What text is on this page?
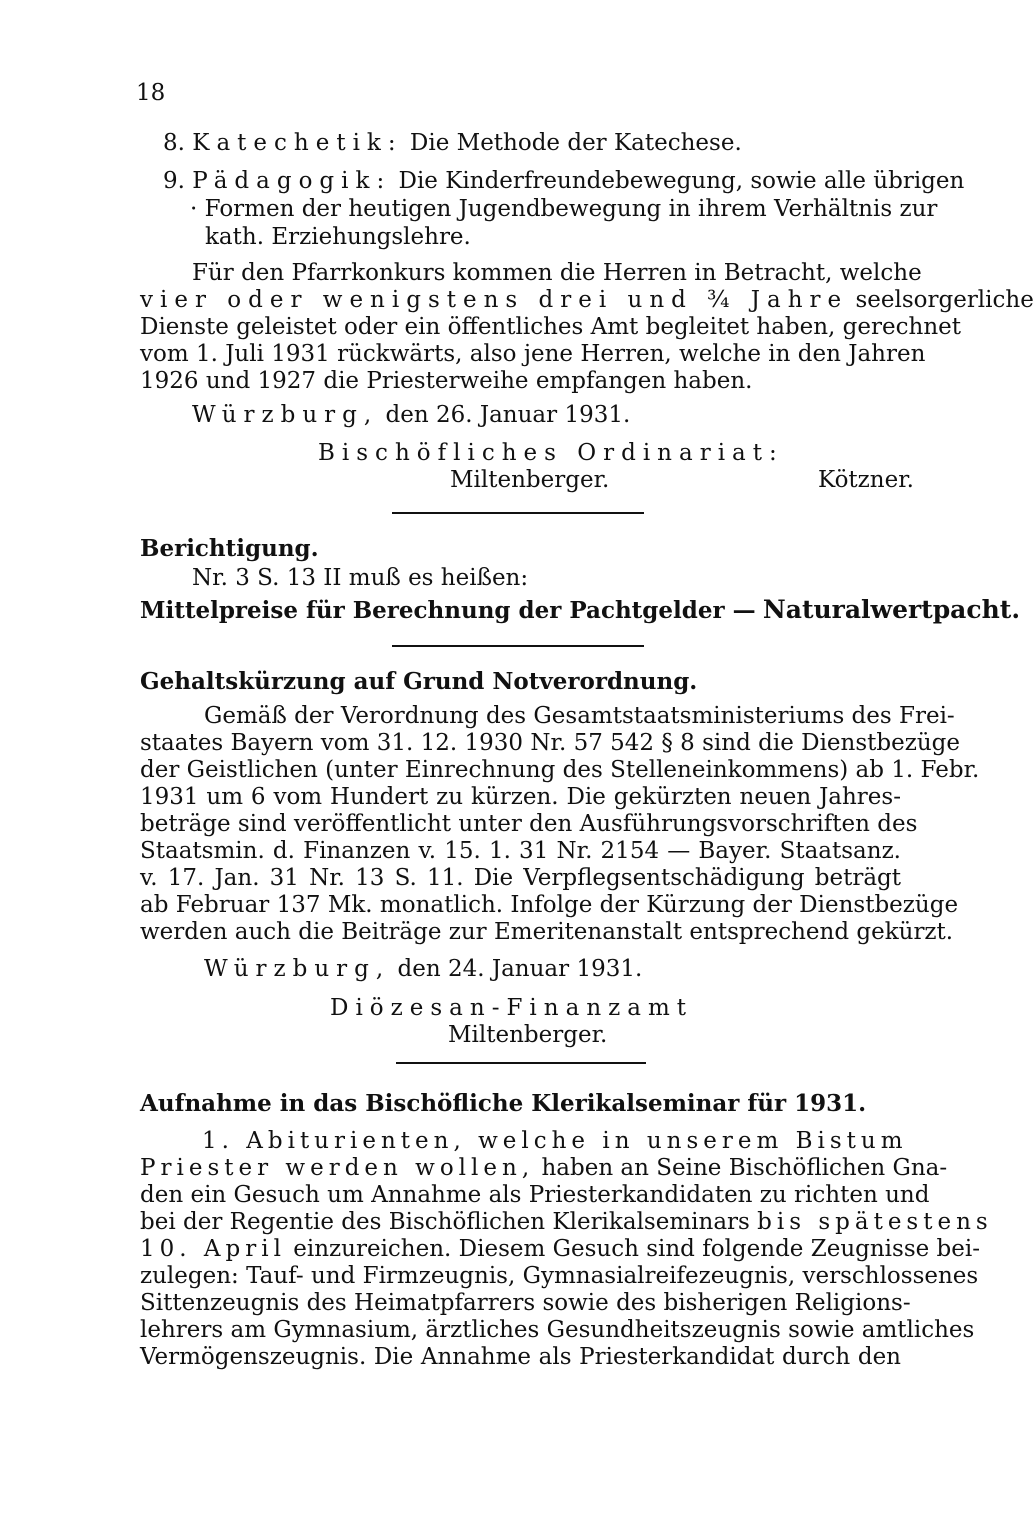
18

8. Katechetik: Die Methode der Katechese.

9. Pädagogik: Die Kinderfreundebewegung, sowie alle übrigen

· Formen der heutigen Jugendbewegung in ihrem Verhältnis zur

kath. Erziehungslehre.

Für den Pfarrkonkurs kommen die Herren in Betracht, welche

vier oder wenigstens drei und ¾ Jahre seelsorgerliche

Dienste geleistet oder ein öffentliches Amt begleitet haben, gerechnet

vom 1. Juli 1931 rückwärts, also jene Herren, welche in den Jahren

1926 und 1927 die Priesterweihe empfangen haben.

Würzburg, den 26. Januar 1931.

Bischöfliches Ordinariat:

Miltenberger.	Kötzner.

Berichtigung.

Nr. 3 S. 13 II muß es heißen:

Mittelpreise für Berechnung der Pachtgelder — Naturalwertpacht.

Gehaltskürzung auf Grund Notverordnung.

Gemäß der Verordnung des Gesamtstaatsministeriums des Frei-

staates Bayern vom 31. 12. 1930 Nr. 57 542 § 8 sind die Dienstbezüge

der Geistlichen (unter Einrechnung des Stelleneinkommens) ab 1. Febr.

1931 um 6 vom Hundert zu kürzen. Die gekürzten neuen Jahres-

beträge sind veröffentlicht unter den Ausführungsvorschriften des

Staatsmin. d. Finanzen v. 15. 1. 31 Nr. 2154 — Bayer. Staatsanz.

v. 17. Jan. 31 Nr. 13 S. 11. Die Verpflegsentschädigung beträgt

ab Februar 137 Mk. monatlich. Infolge der Kürzung der Dienstbezüge

werden auch die Beiträge zur Emeritenanstalt entsprechend gekürzt.

Würzburg, den 24. Januar 1931.

Diözesan-Finanzamt

Miltenberger.

Aufnahme in das Bischöfliche Klerikalseminar für 1931.

1. Abiturienten, welche in unserem Bistum

Priester werden wollen, haben an Seine Bischöflichen Gna-

den ein Gesuch um Annahme als Priesterkandidaten zu richten und

bei der Regentie des Bischöflichen Klerikalseminars bis spätestens

10. April einzureichen. Diesem Gesuch sind folgende Zeugnisse bei-

zulegen: Tauf- und Firmzeugnis, Gymnasialreifezeugnis, verschlossenes

Sittenzeugnis des Heimatpfarrers sowie des bisherigen Religions-

lehrers am Gymnasium, ärztliches Gesundheitszeugnis sowie amtliches

Vermögenszeugnis. Die Annahme als Priesterkandidat durch den
